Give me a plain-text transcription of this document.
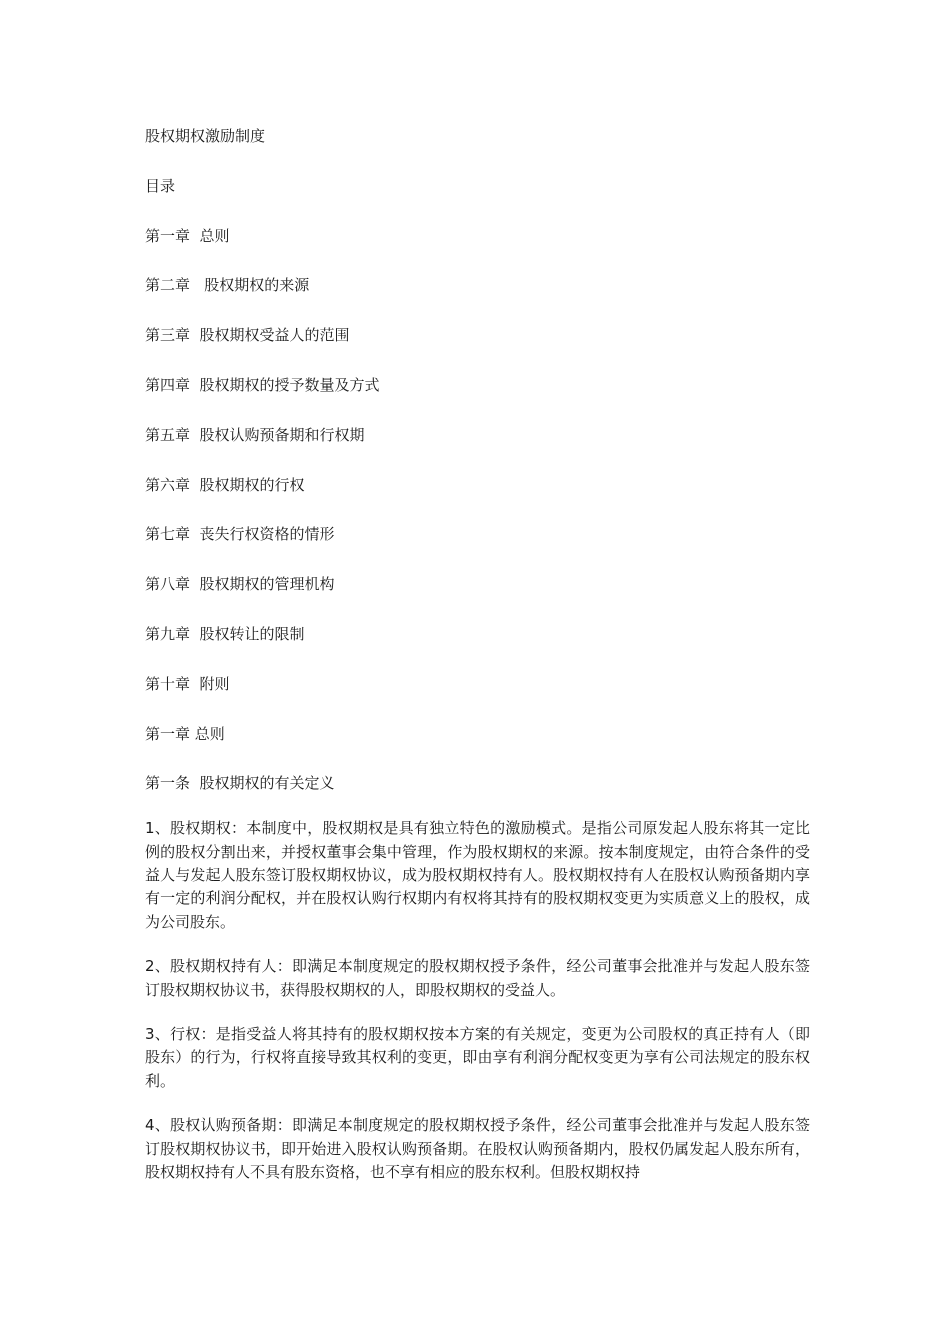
股权期权激励制度
目录
第一章  总则
第二章   股权期权的来源
第三章  股权期权受益人的范围
第四章  股权期权的授予数量及方式
第五章  股权认购预备期和行权期
第六章  股权期权的行权
第七章  丧失行权资格的情形
第八章  股权期权的管理机构
第九章  股权转让的限制
第十章  附则
第一章 总则
第一条  股权期权的有关定义

1、股权期权：本制度中，股权期权是具有独立特色的激励模式。是指公司原发起人股东将其一定比例的股权分割出来，并授权董事会集中管理，作为股权期权的来源。按本制度规定，由符合条件的受益人与发起人股东签订股权期权协议，成为股权期权持有人。股权期权持有人在股权认购预备期内享有一定的利润分配权，并在股权认购行权期内有权将其持有的股权期权变更为实质意义上的股权，成为公司股东。

2、股权期权持有人：即满足本制度规定的股权期权授予条件，经公司董事会批准并与发起人股东签订股权期权协议书，获得股权期权的人，即股权期权的受益人。

3、行权：是指受益人将其持有的股权期权按本方案的有关规定，变更为公司股权的真正持有人（即股东）的行为，行权将直接导致其权利的变更，即由享有利润分配权变更为享有公司法规定的股东权利。

4、股权认购预备期：即满足本制度规定的股权期权授予条件，经公司董事会批准并与发起人股东签订股权期权协议书，即开始进入股权认购预备期。在股权认购预备期内，股权仍属发起人股东所有，股权期权持有人不具有股东资格，也不享有相应的股东权利。但股权期权持
